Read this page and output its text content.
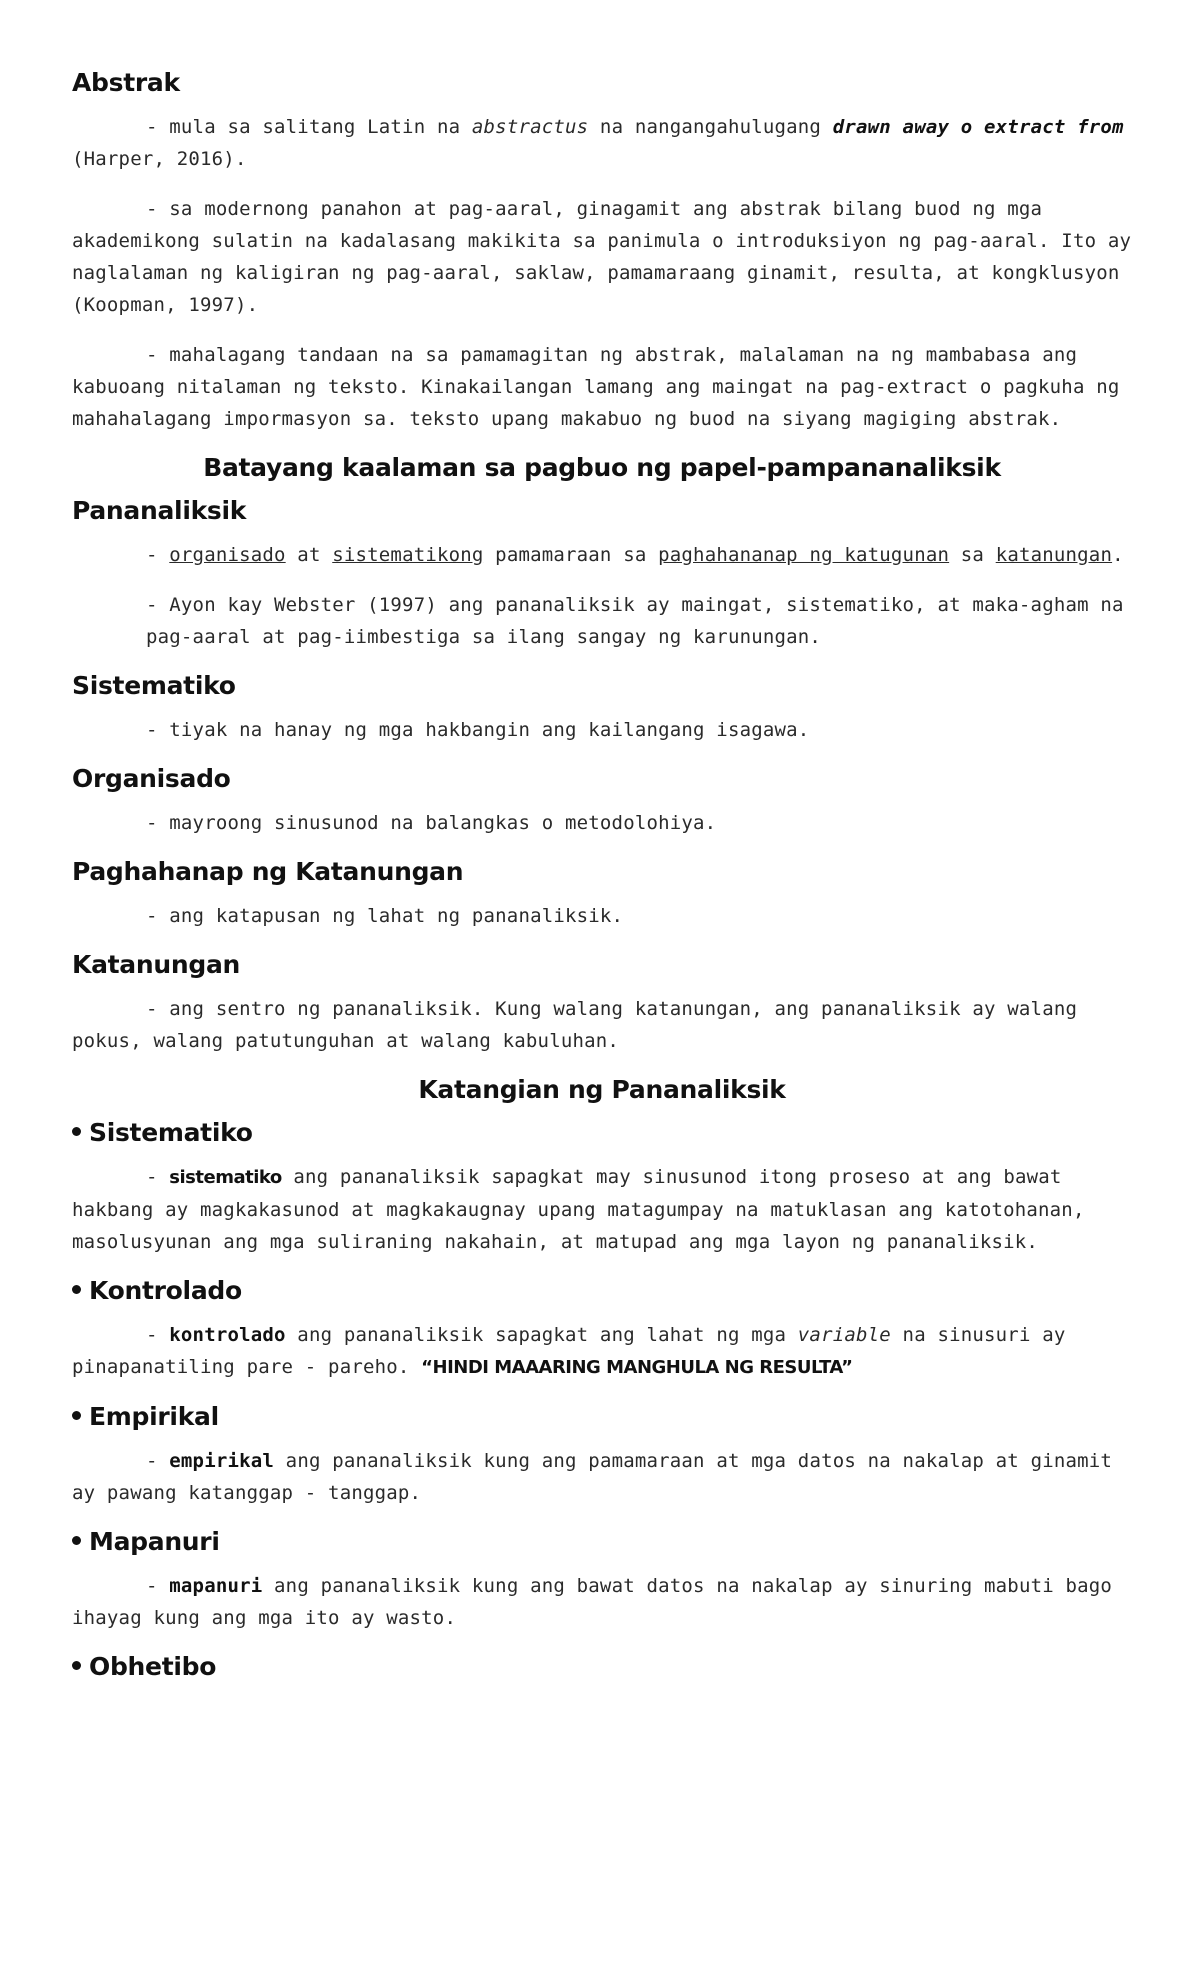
Abstrak

- mula sa salitang Latin na abstractus na nangangahulugang drawn away o extract from (Harper, 2016).

- sa modernong panahon at pag-aaral, ginagamit ang abstrak bilang buod ng mga akademikong sulatin na kadalasang makikita sa panimula o introduksiyon ng pag-aaral. Ito ay naglalaman ng kaligiran ng pag-aaral, saklaw, pamamaraang ginamit, resulta, at kongklusyon (Koopman, 1997).

- mahalagang tandaan na sa pamamagitan ng abstrak, malalaman na ng mambabasa ang kabuoang nitalaman ng teksto. Kinakailangan lamang ang maingat na pag-extract o pagkuha ng mahahalagang impormasyon sa. teksto upang makabuo ng buod na siyang magiging abstrak.

Batayang kaalaman sa pagbuo ng papel-pampananaliksik
Pananaliksik

- organisado at sistematikong pamamaraan sa paghahananap ng katugunan sa katanungan.

- Ayon kay Webster (1997) ang pananaliksik ay maingat, sistematiko, at maka-agham na pag-aaral at pag-iimbestiga sa ilang sangay ng karunungan.

Sistematiko

- tiyak na hanay ng mga hakbangin ang kailangang isagawa.

Organisado

- mayroong sinusunod na balangkas o metodolohiya.

Paghahanap ng Katanungan

- ang katapusan ng lahat ng pananaliksik.

Katanungan

- ang sentro ng pananaliksik. Kung walang katanungan, ang pananaliksik ay walang pokus, walang patutunguhan at walang kabuluhan.

Katangian ng Pananaliksik
Sistematiko

- sistematiko ang pananaliksik sapagkat may sinusunod itong proseso at ang bawat hakbang ay magkakasunod at magkakaugnay upang matagumpay na matuklasan ang katotohanan, masolusyunan ang mga suliraning nakahain, at matupad ang mga layon ng pananaliksik.

Kontrolado

- kontrolado ang pananaliksik sapagkat ang lahat ng mga variable na sinusuri ay pinapanatiling pare - pareho. “HINDI MAAARING MANGHULA NG RESULTA”

Empirikal

- empirikal ang pananaliksik kung ang pamamaraan at mga datos na nakalap at ginamit ay pawang katanggap - tanggap.

Mapanuri

- mapanuri ang pananaliksik kung ang bawat datos na nakalap ay sinuring mabuti bago ihayag kung ang mga ito ay wasto.

Obhetibo
